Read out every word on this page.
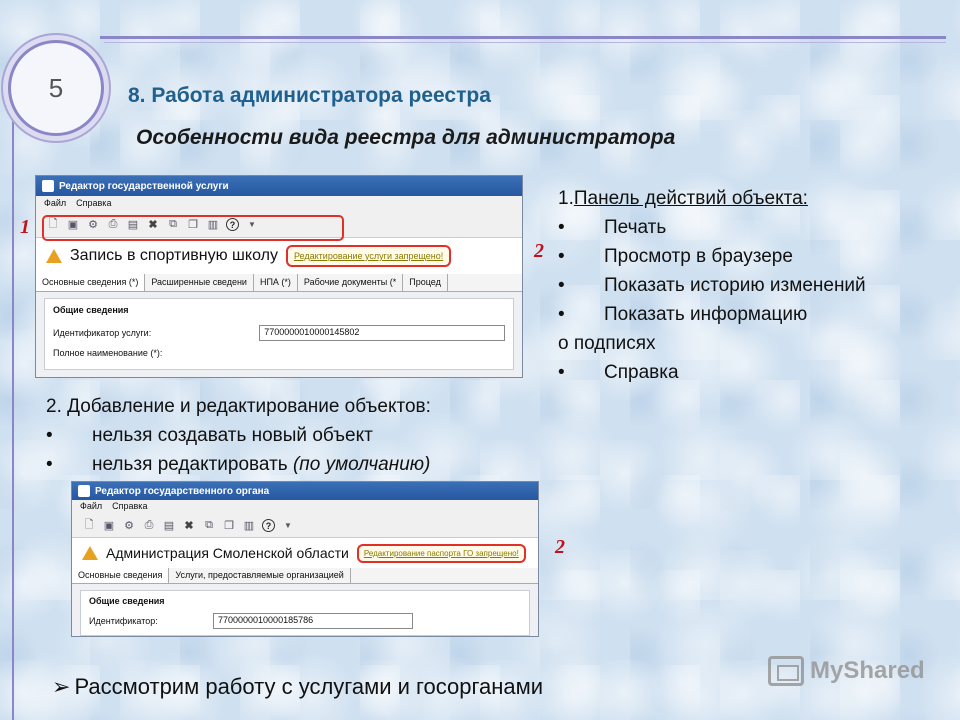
5	8. Работа администратора реестра
Особенности вида реестра для администратора
Редактор государственной услуги
Файл Справка
🗋 ▣ ⚙ ⎙ ▤ ✖ ⧉ ❐ ▥	?	▼
Запись в спортивную школу	Редактирование услуги запрещено!
Основные сведения (*)	Расширенные сведени	НПА (*)	Рабочие документы (*	Процед
Общие сведения
Идентификатор услуги:	7700000010000145802
Полное наименование (*):
1
2
1. Панель действий объекта:
•	Печать
•	Просмотр в браузере
•	Показать историю изменений
•	Показать информацию
о подписях
•	Справка
2. Добавление и редактирование объектов:
•	нельзя создавать новый объект
•	нельзя редактировать (по умолчанию)
Редактор государственного органа
Файл Справка
🗋 ▣ ⚙ ⎙ ▤ ✖ ⧉ ❐ ▥	?	▼
Администрация Смоленской области	Редактирование паспорта ГО запрещено!
Основные сведения	Услуги, предоставляемые организацией
Общие сведения
Идентификатор:	7700000010000185786
2
➢ Рассмотрим работу с услугами и госорганами
MyShared
